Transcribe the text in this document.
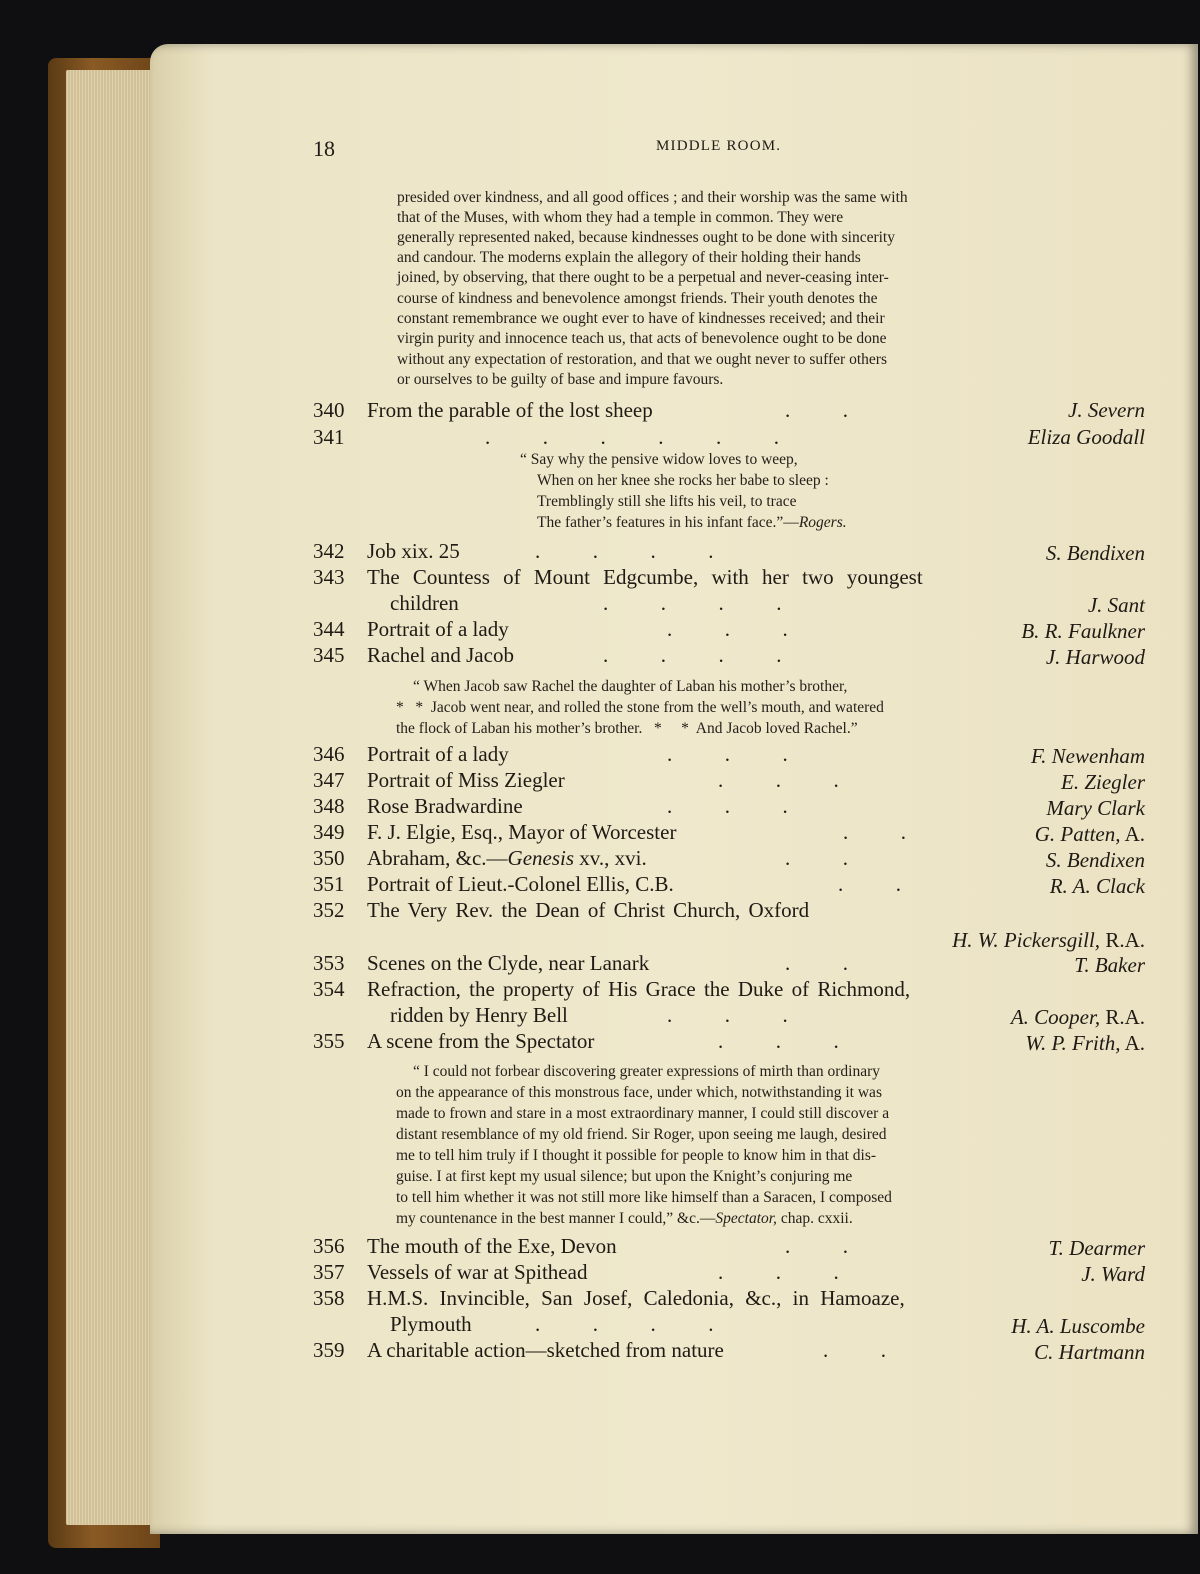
18	MIDDLE ROOM.
presided over kindness, and all good offices ; and their worship was the same with
that of the Muses, with whom they had a temple in common. They were
generally represented naked, because kindnesses ought to be done with sincerity
and candour. The moderns explain the allegory of their holding their hands
joined, by observing, that there ought to be a perpetual and never-ceasing inter-
course of kindness and benevolence amongst friends. Their youth denotes the
constant remembrance we ought ever to have of kindnesses received; and their
virgin purity and innocence teach us, that acts of benevolence ought to be done
without any expectation of restoration, and that we ought never to suffer others
or ourselves to be guilty of base and impure favours.
340 From the parable of the lost sheep	.          .	J. Severn
341	.          .          .          .          .          .	Eliza Goodall
“ Say why the pensive widow loves to weep,
When on her knee she rocks her babe to sleep :
Tremblingly still she lifts his veil, to trace
The father’s features in his infant face.”—Rogers.
342 Job xix. 25	.          .          .          .	S. Bendixen
343 The Countess of Mount Edgcumbe, with her two youngest
children	.          .          .          .	J. Sant
344 Portrait of a lady	.          .          .	B. R. Faulkner
345 Rachel and Jacob	.          .          .          .	J. Harwood
“ When Jacob saw Rachel the daughter of Laban his mother’s brother,
*   *  Jacob went near, and rolled the stone from the well’s mouth, and watered
the flock of Laban his mother’s brother.   *     *  And Jacob loved Rachel.”
346 Portrait of a lady	.          .          .	F. Newenham
347 Portrait of Miss Ziegler	.          .          .	E. Ziegler
348 Rose Bradwardine	.          .          .	Mary Clark
349 F. J. Elgie, Esq., Mayor of Worcester	.          .	G. Patten, A.
350 Abraham, &c.—Genesis xv., xvi.	.          .	S. Bendixen
351 Portrait of Lieut.-Colonel Ellis, C.B.	.          .	R. A. Clack
352 The Very Rev. the Dean of Christ Church, Oxford
H. W. Pickersgill, R.A.
353 Scenes on the Clyde, near Lanark	.          .	T. Baker
354 Refraction, the property of His Grace the Duke of Richmond,
ridden by Henry Bell	.          .          .	A. Cooper, R.A.
355 A scene from the Spectator	.          .          .	W. P. Frith, A.
“ I could not forbear discovering greater expressions of mirth than ordinary
on the appearance of this monstrous face, under which, notwithstanding it was
made to frown and stare in a most extraordinary manner, I could still discover a
distant resemblance of my old friend. Sir Roger, upon seeing me laugh, desired
me to tell him truly if I thought it possible for people to know him in that dis-
guise. I at first kept my usual silence; but upon the Knight’s conjuring me
to tell him whether it was not still more like himself than a Saracen, I composed
my countenance in the best manner I could,” &c.—Spectator, chap. cxxii.
356 The mouth of the Exe, Devon	.          .	T. Dearmer
357 Vessels of war at Spithead	.          .          .	J. Ward
358 H.M.S. Invincible, San Josef, Caledonia, &c., in Hamoaze,
Plymouth	.          .          .          .	H. A. Luscombe
359 A charitable action—sketched from nature	.          .	C. Hartmann
